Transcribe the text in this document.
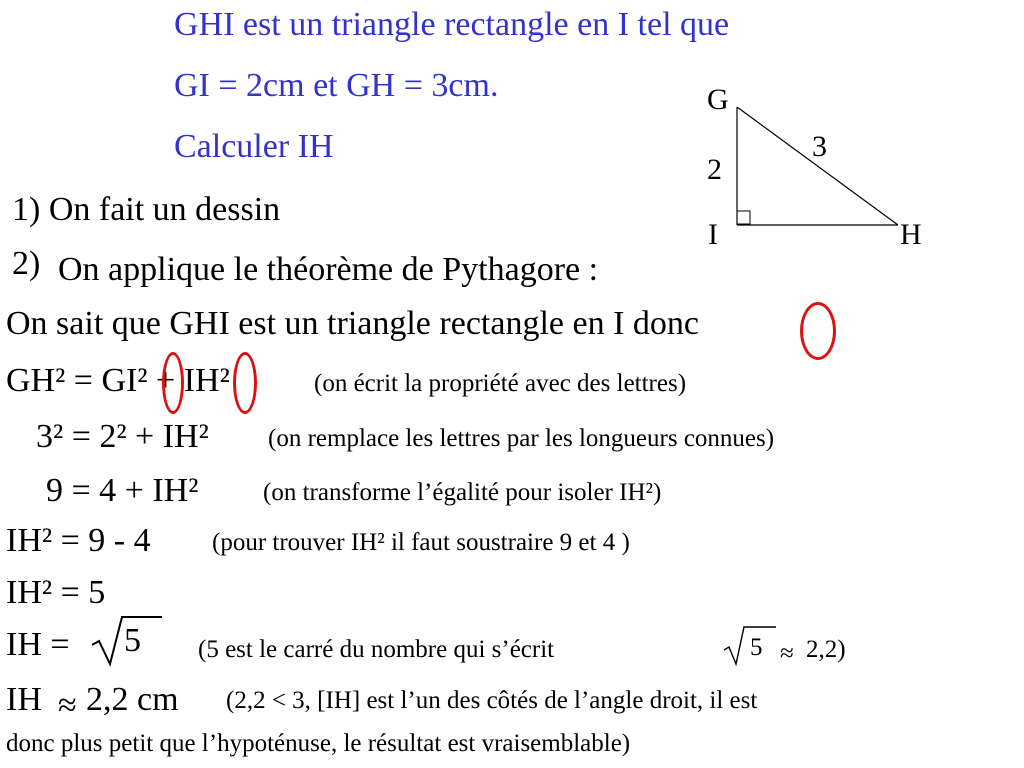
GHI est un triangle rectangle en I tel que
GI = 2cm et GH = 3cm.
Calculer IH
G
I	H
2
3
1) On fait un dessin
2) On applique le théorème de Pythagore :
On sait que GHI est un triangle rectangle en I donc
GH² = GI² + IH²	(on écrit la propriété avec des lettres)
3² = 2² + IH² (on remplace les lettres par les longueurs connues)
9 = 4 + IH²	(on transforme l’égalité pour isoler IH²)
IH² = 9 - 4 (pour trouver IH² il faut soustraire 9 et 4 )
IH² = 5
IH = 5 (5 est le carré du nombre qui s’écrit	5 ≈ 2,2)
IH ≈ 2,2 cm (2,2 < 3, [IH] est l’un des côtés de l’angle droit, il est
donc plus petit que l’hypoténuse, le résultat est vraisemblable)
